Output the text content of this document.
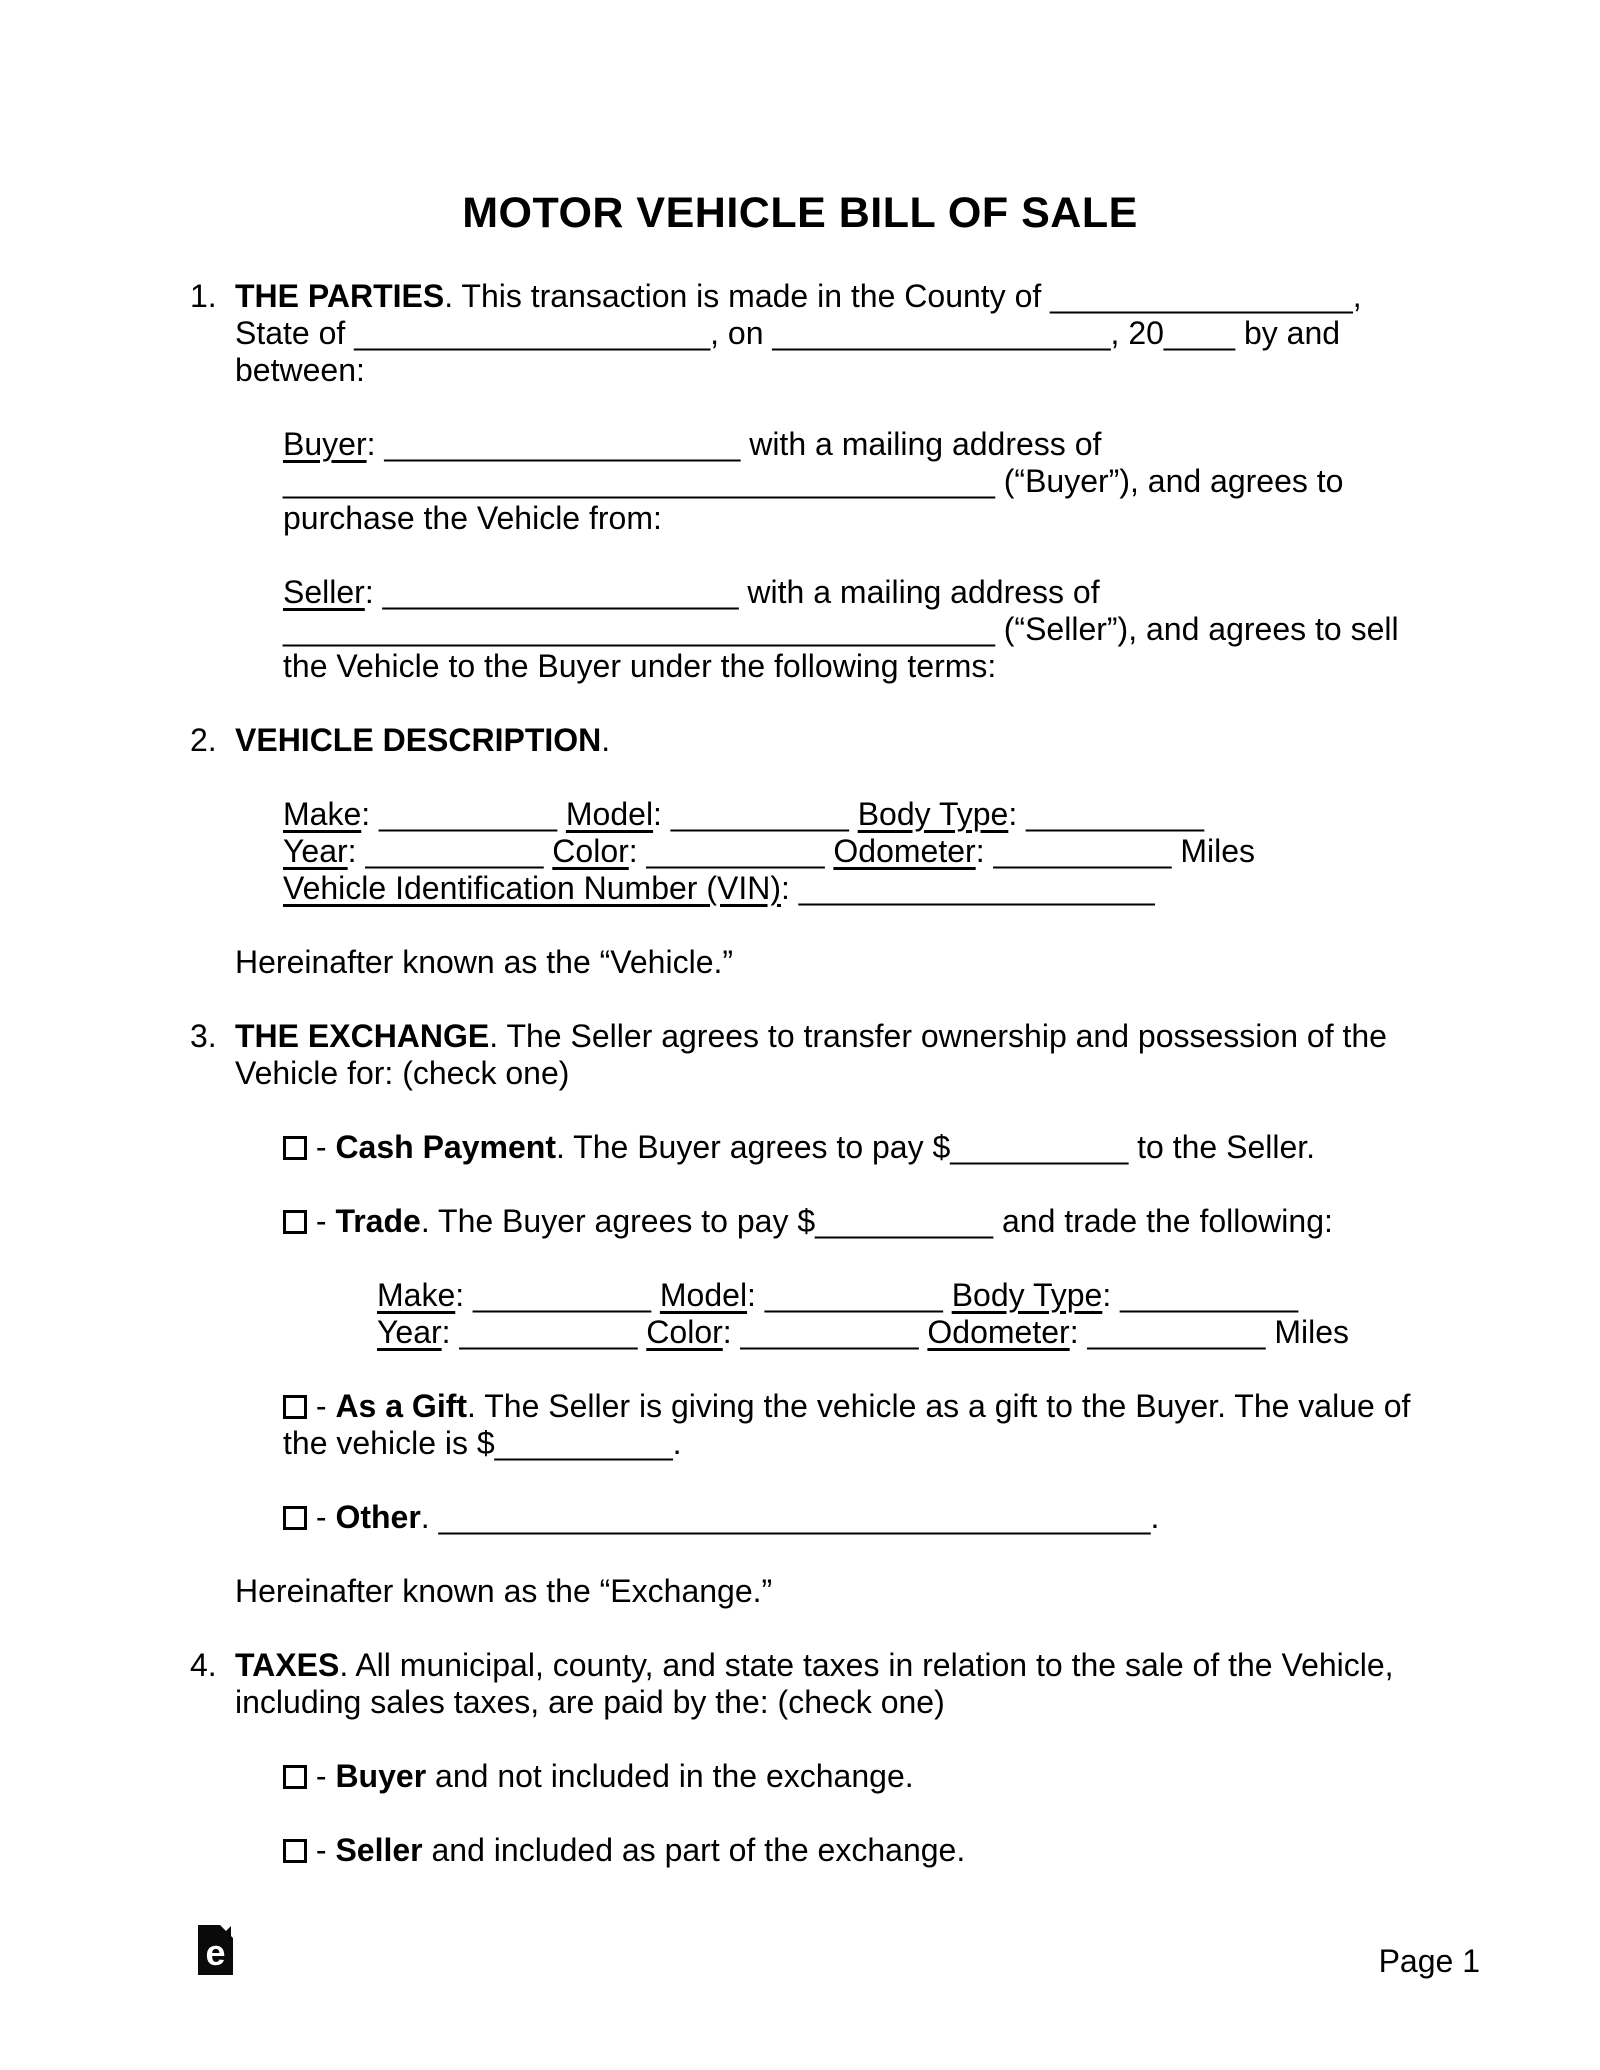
MOTOR VEHICLE BILL OF SALE
1. THE PARTIES. This transaction is made in the County of _________________,
State of ____________________, on ___________________, 20____ by and
between:
Buyer: ____________________ with a mailing address of
________________________________________ (“Buyer”), and agrees to
purchase the Vehicle from:
Seller: ____________________ with a mailing address of
________________________________________ (“Seller”), and agrees to sell
the Vehicle to the Buyer under the following terms:
2. VEHICLE DESCRIPTION.
Make: __________ Model: __________ Body Type: __________
Year: __________ Color: __________ Odometer: __________ Miles
Vehicle Identification Number (VIN): ____________________
Hereinafter known as the “Vehicle.”
3. THE EXCHANGE. The Seller agrees to transfer ownership and possession of the
Vehicle for: (check one)
- Cash Payment. The Buyer agrees to pay $__________ to the Seller.
- Trade. The Buyer agrees to pay $__________ and trade the following:
Make: __________ Model: __________ Body Type: __________
Year: __________ Color: __________ Odometer: __________ Miles
- As a Gift. The Seller is giving the vehicle as a gift to the Buyer. The value of
the vehicle is $__________.
- Other. ________________________________________.
Hereinafter known as the “Exchange.”
4. TAXES. All municipal, county, and state taxes in relation to the sale of the Vehicle,
including sales taxes, are paid by the: (check one)
- Buyer and not included in the exchange.
- Seller and included as part of the exchange.
e	Page 1
